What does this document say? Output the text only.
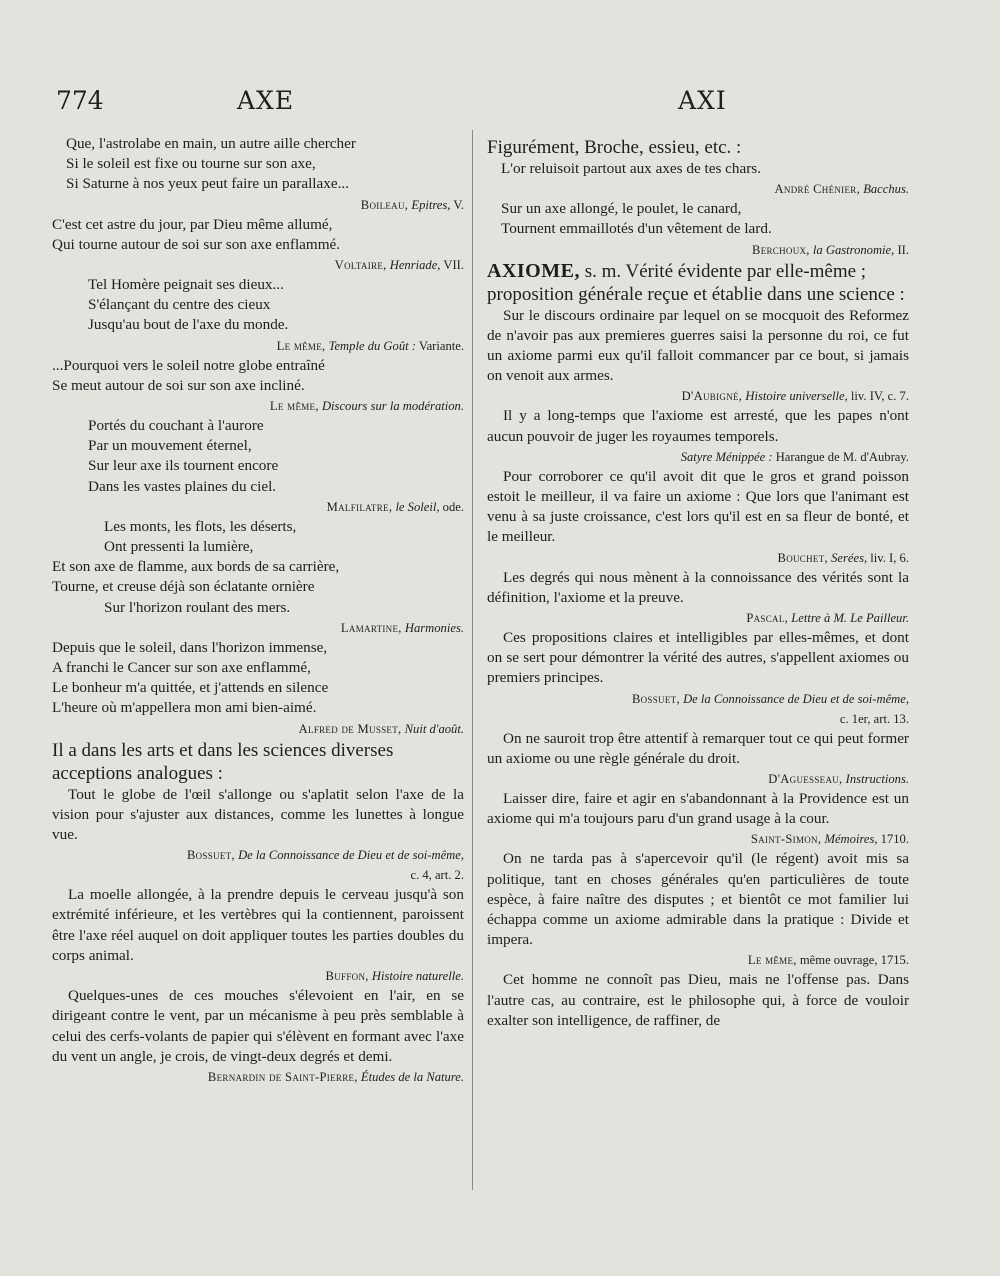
774	AXE	AXI
Que, l'astrolabe en main, un autre aille chercher
Si le soleil est fixe ou tourne sur son axe,
Si Saturne à nos yeux peut faire un parallaxe...
Boileau, Epitres, V.
C'est cet astre du jour, par Dieu même allumé,
Qui tourne autour de soi sur son axe enflammé.
Voltaire, Henriade, VII.
Tel Homère peignait ses dieux...
S'élançant du centre des cieux
Jusqu'au bout de l'axe du monde.
Le même, Temple du Goût : Variante.
...Pourquoi vers le soleil notre globe entraîné
Se meut autour de soi sur son axe incliné.
Le même, Discours sur la modération.
Portés du couchant à l'aurore
Par un mouvement éternel,
Sur leur axe ils tournent encore
Dans les vastes plaines du ciel.
Malfilatre, le Soleil, ode.
Les monts, les flots, les déserts,
Ont pressenti la lumière,
Et son axe de flamme, aux bords de sa carrière,
Tourne, et creuse déjà son éclatante ornière
Sur l'horizon roulant des mers.
Lamartine, Harmonies.
Depuis que le soleil, dans l'horizon immense,
A franchi le Cancer sur son axe enflammé,
Le bonheur m'a quittée, et j'attends en silence
L'heure où m'appellera mon ami bien-aimé.
Alfred de Musset, Nuit d'août.
Il a dans les arts et dans les sciences diverses acceptions analogues :

Tout le globe de l'œil s'allonge ou s'aplatit selon l'axe de la vision pour s'ajuster aux distances, comme les lunettes à longue vue.

Bossuet, De la Connoissance de Dieu et de soi-même,
c. 4, art. 2.

La moelle allongée, à la prendre depuis le cerveau jusqu'à son extrémité inférieure, et les vertèbres qui la contiennent, paroissent être l'axe réel auquel on doit appliquer toutes les parties doubles du corps animal.

Buffon, Histoire naturelle.

Quelques-unes de ces mouches s'élevoient en l'air, en se dirigeant contre le vent, par un mécanisme à peu près semblable à celui des cerfs-volants de papier qui s'élèvent en formant avec l'axe du vent un angle, je crois, de vingt-deux degrés et demi.

Bernardin de Saint-Pierre, Études de la Nature.
Figurément, Broche, essieu, etc. :
L'or reluisoit partout aux axes de tes chars.
André Chénier, Bacchus.
Sur un axe allongé, le poulet, le canard,
Tournent emmaillotés d'un vêtement de lard.
Berchoux, la Gastronomie, II.
AXIOME, s. m. Vérité évidente par elle-même ; proposition générale reçue et établie dans une science :

Sur le discours ordinaire par lequel on se mocquoit des Reformez de n'avoir pas aux premieres guerres saisi la personne du roi, ce fut un axiome parmi eux qu'il falloit commancer par ce bout, si jamais on venoit aux armes.

D'Aubigné, Histoire universelle, liv. IV, c. 7.

Il y a long-temps que l'axiome est arresté, que les papes n'ont aucun pouvoir de juger les royaumes temporels.

Satyre Ménippée : Harangue de M. d'Aubray.

Pour corroborer ce qu'il avoit dit que le gros et grand poisson estoit le meilleur, il va faire un axiome : Que lors que l'animant est venu à sa juste croissance, c'est lors qu'il est en sa fleur de bonté, et le meilleur.

Bouchet, Serées, liv. I, 6.

Les degrés qui nous mènent à la connoissance des vérités sont la définition, l'axiome et la preuve.

Pascal, Lettre à M. Le Pailleur.

Ces propositions claires et intelligibles par elles-mêmes, et dont on se sert pour démontrer la vérité des autres, s'appellent axiomes ou premiers principes.

Bossuet, De la Connoissance de Dieu et de soi-même,
c. 1er, art. 13.

On ne sauroit trop être attentif à remarquer tout ce qui peut former un axiome ou une règle générale du droit.

D'Aguesseau, Instructions.

Laisser dire, faire et agir en s'abandonnant à la Providence est un axiome qui m'a toujours paru d'un grand usage à la cour.

Saint-Simon, Mémoires, 1710.

On ne tarda pas à s'apercevoir qu'il (le régent) avoit mis sa politique, tant en choses générales qu'en particulières de toute espèce, à faire naître des disputes ; et bientôt ce mot familier lui échappa comme un axiome admirable dans la pratique : Divide et impera.

Le même, même ouvrage, 1715.

Cet homme ne connoît pas Dieu, mais ne l'offense pas. Dans l'autre cas, au contraire, est le philosophe qui, à force de vouloir exalter son intelligence, de raffiner, de
